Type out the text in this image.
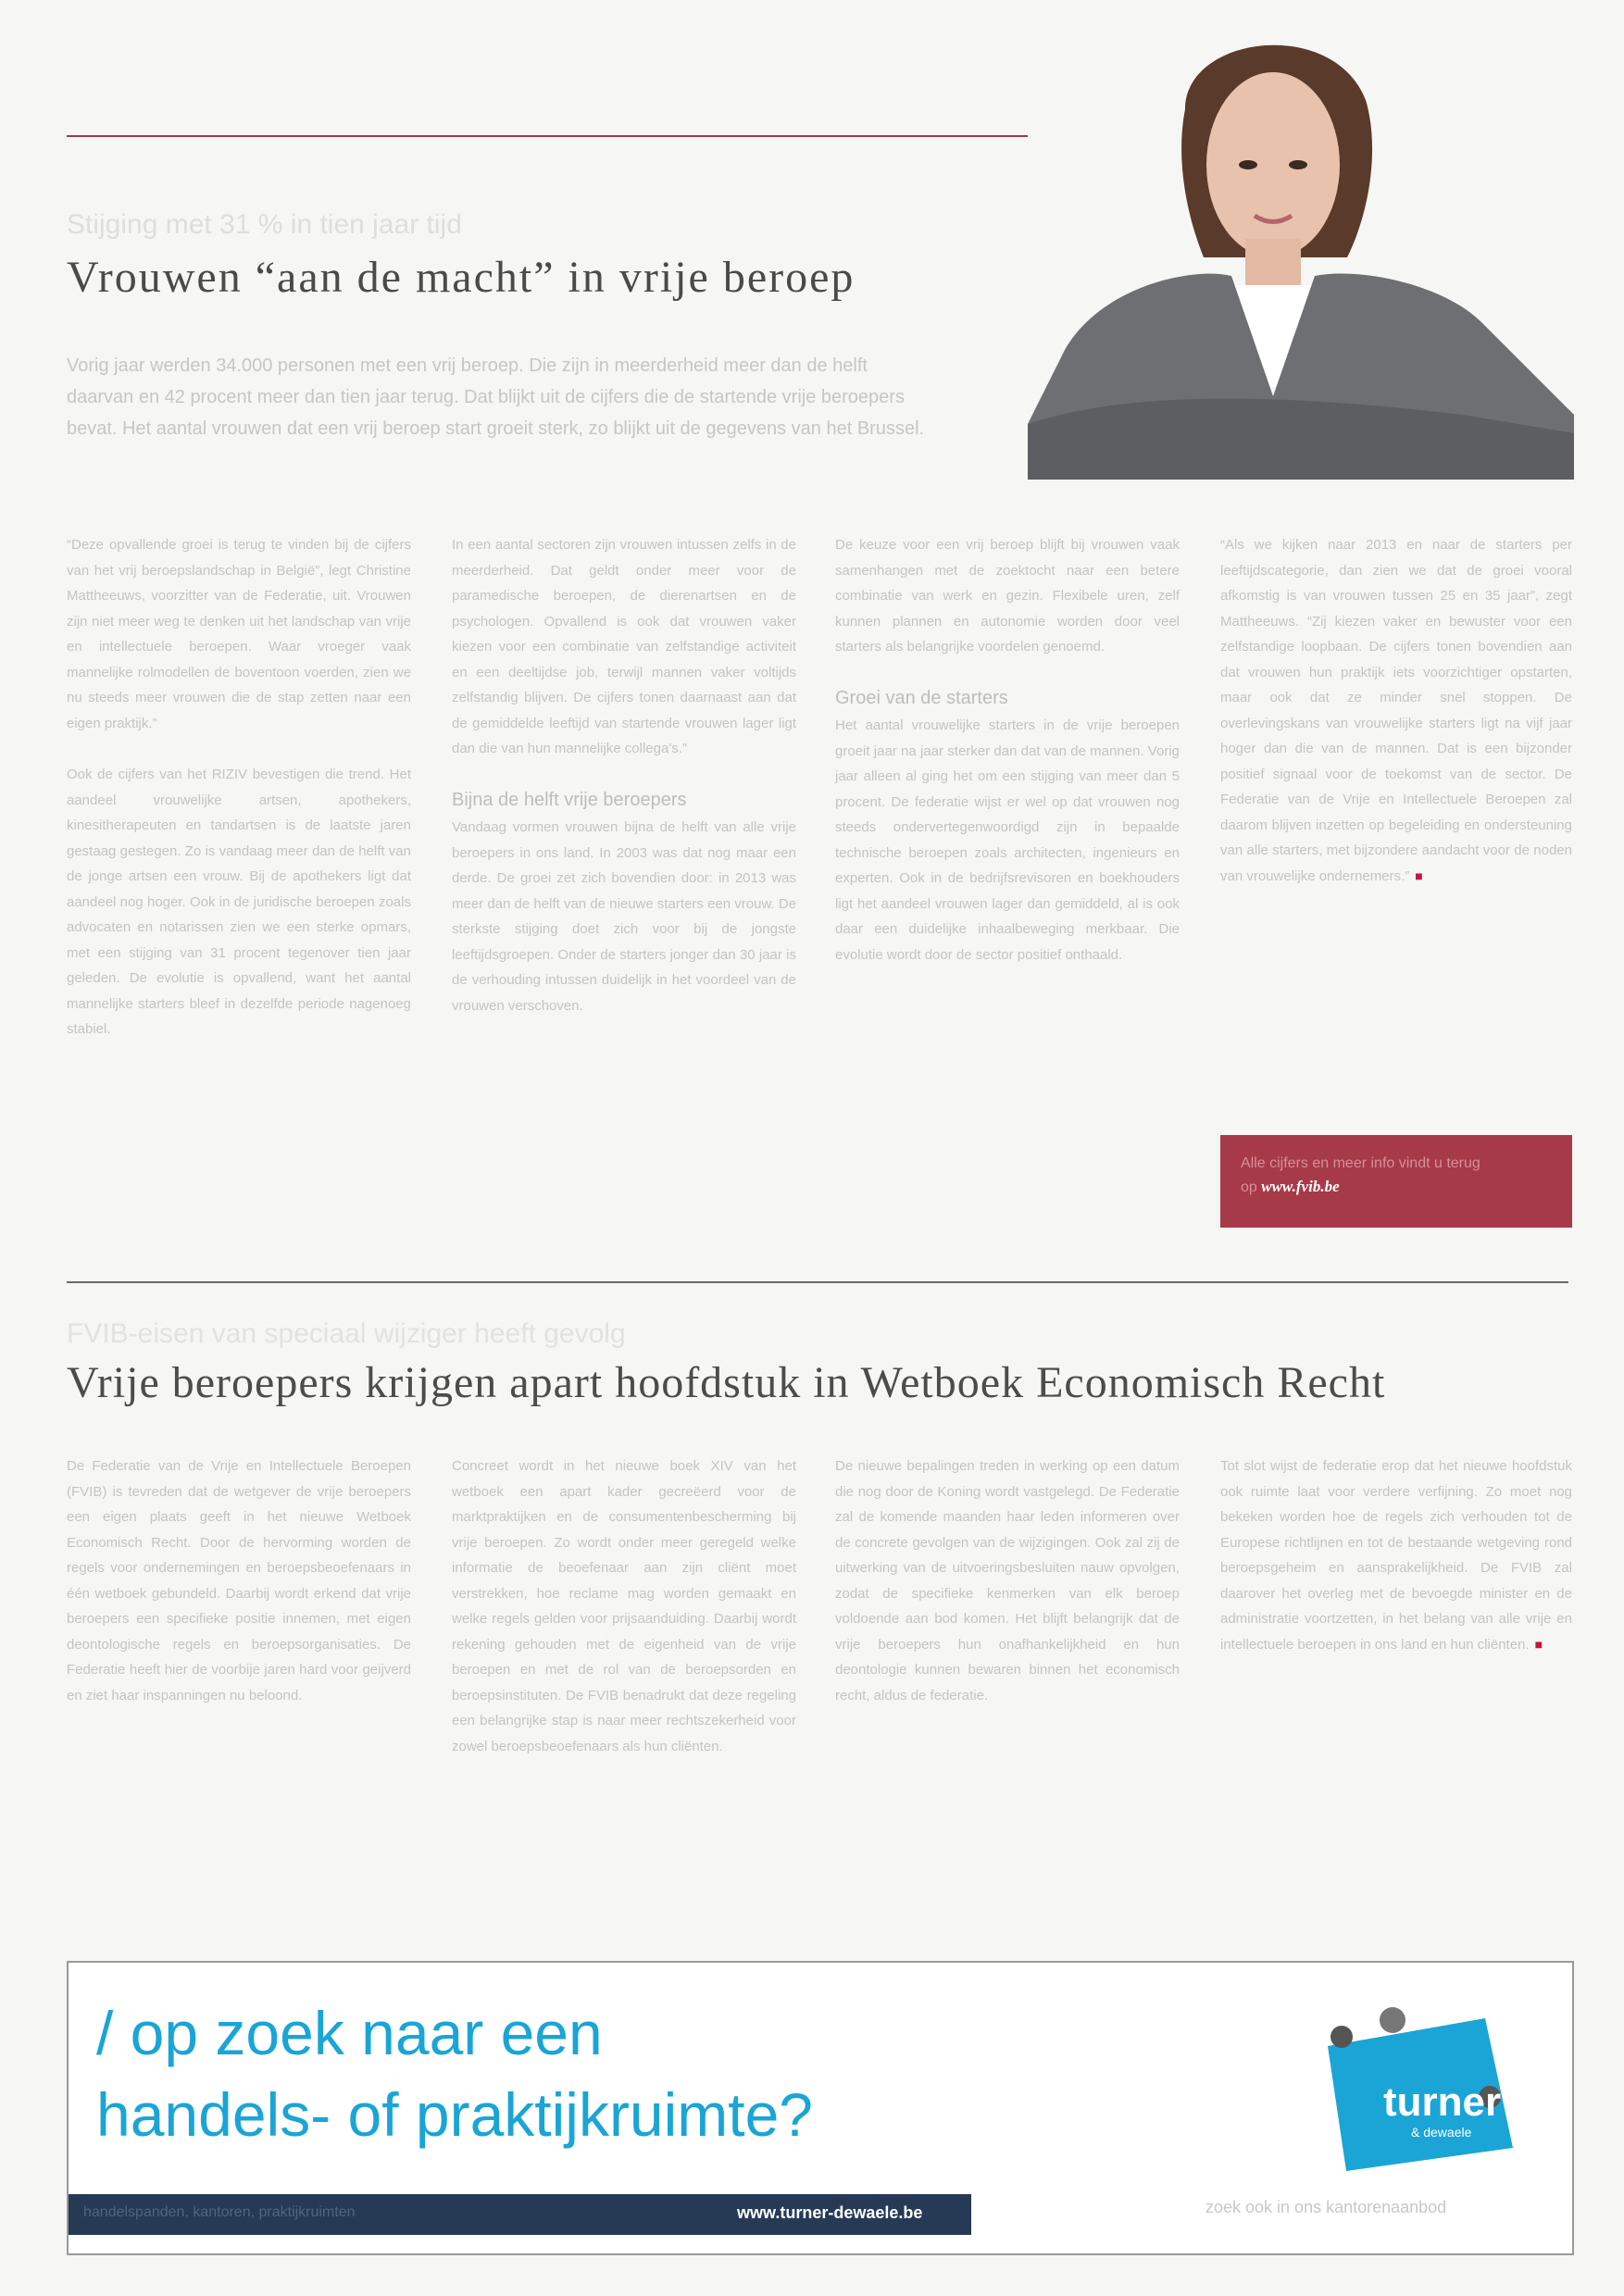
Stijging met 31 % in tien jaar tijd
Vrouwen “aan de macht” in vrije beroep
Vorig jaar werden 34.000 personen met een vrij beroep. Die zijn in meerderheid meer dan de helft daarvan en 42 procent meer dan tien jaar terug. Dat blijkt uit de cijfers die de startende vrije beroepers bevat. Het aantal vrouwen dat een vrij beroep start groeit sterk, zo blijkt uit de gegevens van het Brussel.

“Deze opvallende groei is terug te vinden bij de cijfers van het vrij beroepslandschap in België”, legt Christine Mattheeuws, voorzitter van de Federatie, uit. Vrouwen zijn niet meer weg te denken uit het landschap van vrije en intellectuele beroepen. Waar vroeger vaak mannelijke rolmodellen de boventoon voerden, zien we nu steeds meer vrouwen die de stap zetten naar een eigen praktijk.”

Ook de cijfers van het RIZIV bevestigen die trend. Het aandeel vrouwelijke artsen, apothekers, kinesitherapeuten en tandartsen is de laatste jaren gestaag gestegen. Zo is vandaag meer dan de helft van de jonge artsen een vrouw. Bij de apothekers ligt dat aandeel nog hoger. Ook in de juridische beroepen zoals advocaten en notarissen zien we een sterke opmars, met een stijging van 31 procent tegenover tien jaar geleden. De evolutie is opvallend, want het aantal mannelijke starters bleef in dezelfde periode nagenoeg stabiel.

In een aantal sectoren zijn vrouwen intussen zelfs in de meerderheid. Dat geldt onder meer voor de paramedische beroepen, de dierenartsen en de psychologen. Opvallend is ook dat vrouwen vaker kiezen voor een combinatie van zelfstandige activiteit en een deeltijdse job, terwijl mannen vaker voltijds zelfstandig blijven. De cijfers tonen daarnaast aan dat de gemiddelde leeftijd van startende vrouwen lager ligt dan die van hun mannelijke collega's.”

Bijna de helft vrije beroepers

Vandaag vormen vrouwen bijna de helft van alle vrije beroepers in ons land. In 2003 was dat nog maar een derde. De groei zet zich bovendien door: in 2013 was meer dan de helft van de nieuwe starters een vrouw. De sterkste stijging doet zich voor bij de jongste leeftijdsgroepen. Onder de starters jonger dan 30 jaar is de verhouding intussen duidelijk in het voordeel van de vrouwen verschoven.

De keuze voor een vrij beroep blijft bij vrouwen vaak samenhangen met de zoektocht naar een betere combinatie van werk en gezin. Flexibele uren, zelf kunnen plannen en autonomie worden door veel starters als belangrijke voordelen genoemd.

Groei van de starters

Het aantal vrouwelijke starters in de vrije beroepen groeit jaar na jaar sterker dan dat van de mannen. Vorig jaar alleen al ging het om een stijging van meer dan 5 procent. De federatie wijst er wel op dat vrouwen nog steeds ondervertegenwoordigd zijn in bepaalde technische beroepen zoals architecten, ingenieurs en experten. Ook in de bedrijfsrevisoren en boekhouders ligt het aandeel vrouwen lager dan gemiddeld, al is ook daar een duidelijke inhaalbeweging merkbaar. Die evolutie wordt door de sector positief onthaald.

“Als we kijken naar 2013 en naar de starters per leeftijdscategorie, dan zien we dat de groei vooral afkomstig is van vrouwen tussen 25 en 35 jaar”, zegt Mattheeuws. “Zij kiezen vaker en bewuster voor een zelfstandige loopbaan. De cijfers tonen bovendien aan dat vrouwen hun praktijk iets voorzichtiger opstarten, maar ook dat ze minder snel stoppen. De overlevingskans van vrouwelijke starters ligt na vijf jaar hoger dan die van de mannen. Dat is een bijzonder positief signaal voor de toekomst van de sector. De Federatie van de Vrije en Intellectuele Beroepen zal daarom blijven inzetten op begeleiding en ondersteuning van alle starters, met bijzondere aandacht voor de noden van vrouwelijke ondernemers.” ■

Alle cijfers en meer info vindt u terug
op www.fvib.be
FVIB-eisen van speciaal wijziger heeft gevolg
Vrije beroepers krijgen apart hoofdstuk in Wetboek Economisch Recht

De Federatie van de Vrije en Intellectuele Beroepen (FVIB) is tevreden dat de wetgever de vrije beroepers een eigen plaats geeft in het nieuwe Wetboek Economisch Recht. Door de hervorming worden de regels voor ondernemingen en beroepsbeoefenaars in één wetboek gebundeld. Daarbij wordt erkend dat vrije beroepers een specifieke positie innemen, met eigen deontologische regels en beroepsorganisaties. De Federatie heeft hier de voorbije jaren hard voor geijverd en ziet haar inspanningen nu beloond.

Concreet wordt in het nieuwe boek XIV van het wetboek een apart kader gecreëerd voor de marktpraktijken en de consumentenbescherming bij vrije beroepen. Zo wordt onder meer geregeld welke informatie de beoefenaar aan zijn cliënt moet verstrekken, hoe reclame mag worden gemaakt en welke regels gelden voor prijsaanduiding. Daarbij wordt rekening gehouden met de eigenheid van de vrije beroepen en met de rol van de beroepsorden en beroepsinstituten. De FVIB benadrukt dat deze regeling een belangrijke stap is naar meer rechtszekerheid voor zowel beroepsbeoefenaars als hun cliënten.

De nieuwe bepalingen treden in werking op een datum die nog door de Koning wordt vastgelegd. De Federatie zal de komende maanden haar leden informeren over de concrete gevolgen van de wijzigingen. Ook zal zij de uitwerking van de uitvoeringsbesluiten nauw opvolgen, zodat de specifieke kenmerken van elk beroep voldoende aan bod komen. Het blijft belangrijk dat de vrije beroepers hun onafhankelijkheid en hun deontologie kunnen bewaren binnen het economisch recht, aldus de federatie.

Tot slot wijst de federatie erop dat het nieuwe hoofdstuk ook ruimte laat voor verdere verfijning. Zo moet nog bekeken worden hoe de regels zich verhouden tot de Europese richtlijnen en tot de bestaande wetgeving rond beroepsgeheim en aansprakelijkheid. De FVIB zal daarover het overleg met de bevoegde minister en de administratie voortzetten, in het belang van alle vrije en intellectuele beroepen in ons land en hun cliënten. ■

/ op zoek naar een
handels- of praktijkruimte?
handelspanden, kantoren, praktijkruimten	www.turner-dewaele.be
turner
& dewaele
zoek ook in ons kantorenaanbod
